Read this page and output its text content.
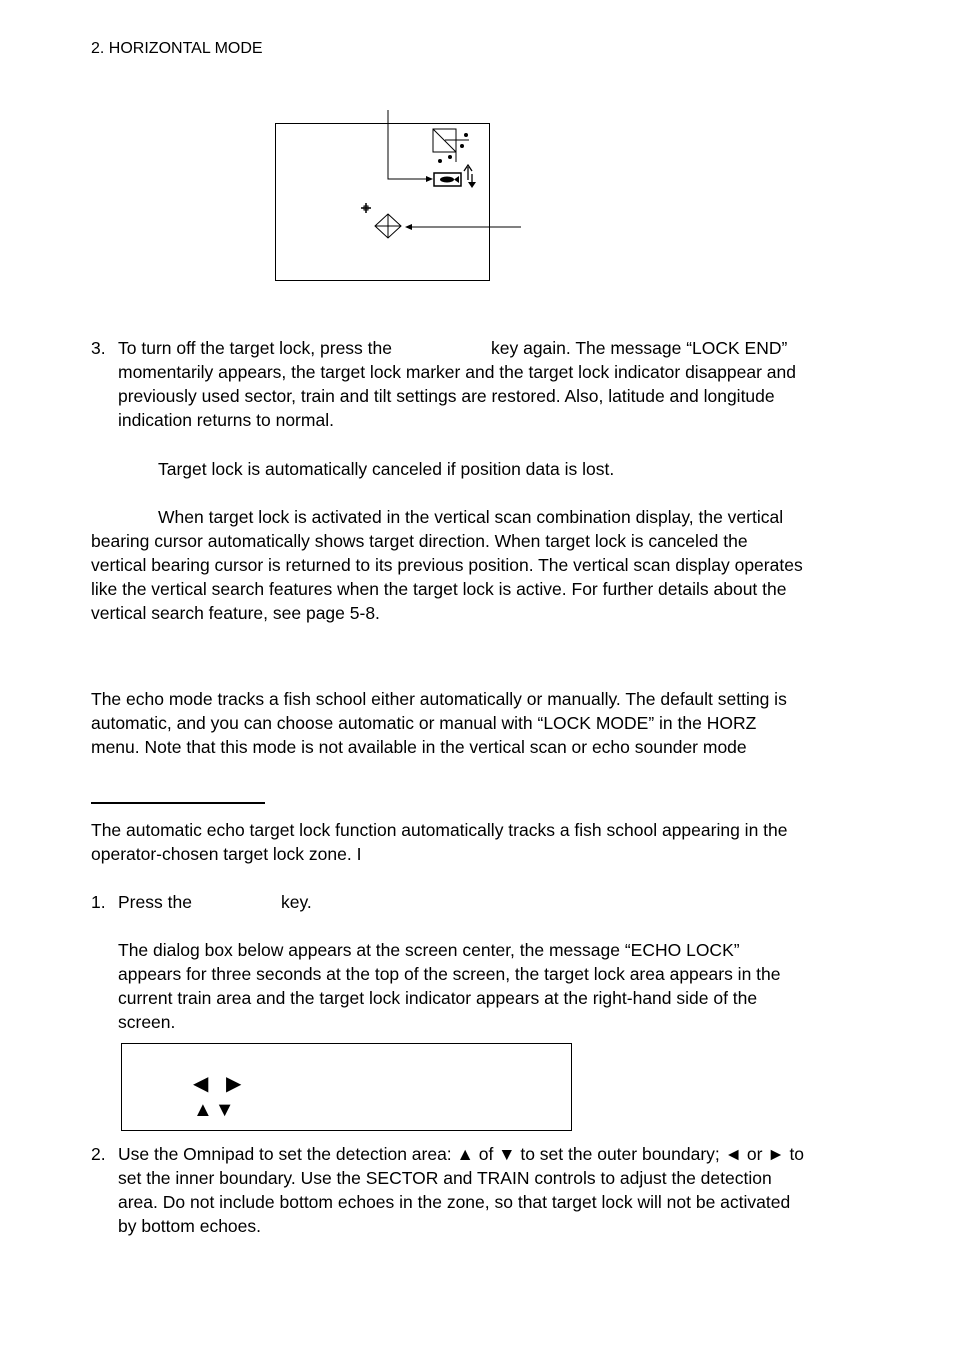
2. HORIZONTAL MODE
3. To turn off the target lock, press the	key again. The message “LOCK END”
momentarily appears, the target lock marker and the target lock indicator disappear and
previously used sector, train and tilt settings are restored. Also, latitude and longitude
indication returns to normal.
Target lock is automatically canceled if position data is lost.
When target lock is activated in the vertical scan combination display, the vertical
bearing cursor automatically shows target direction. When target lock is canceled the
vertical bearing cursor is returned to its previous position. The vertical scan display operates
like the vertical search features when the target lock is active. For further details about the
vertical search feature, see page 5-8.
The echo mode tracks a fish school either automatically or manually. The default setting is
automatic, and you can choose automatic or manual with “LOCK MODE” in the HORZ
menu. Note that this mode is not available in the vertical scan or echo sounder mode
The automatic echo target lock function automatically tracks a fish school appearing in the
operator-chosen target lock zone. I
1. Press the	key.
The dialog box below appears at the screen center, the message “ECHO LOCK”
appears for three seconds at the top of the screen, the target lock area appears in the
current train area and the target lock indicator appears at the right-hand side of the
screen.
◀ ▶
▲▼
2. Use the Omnipad to set the detection area: ▲ of ▼ to set the outer boundary; ◄ or ► to
set the inner boundary. Use the SECTOR and TRAIN controls to adjust the detection
area. Do not include bottom echoes in the zone, so that target lock will not be activated
by bottom echoes.
